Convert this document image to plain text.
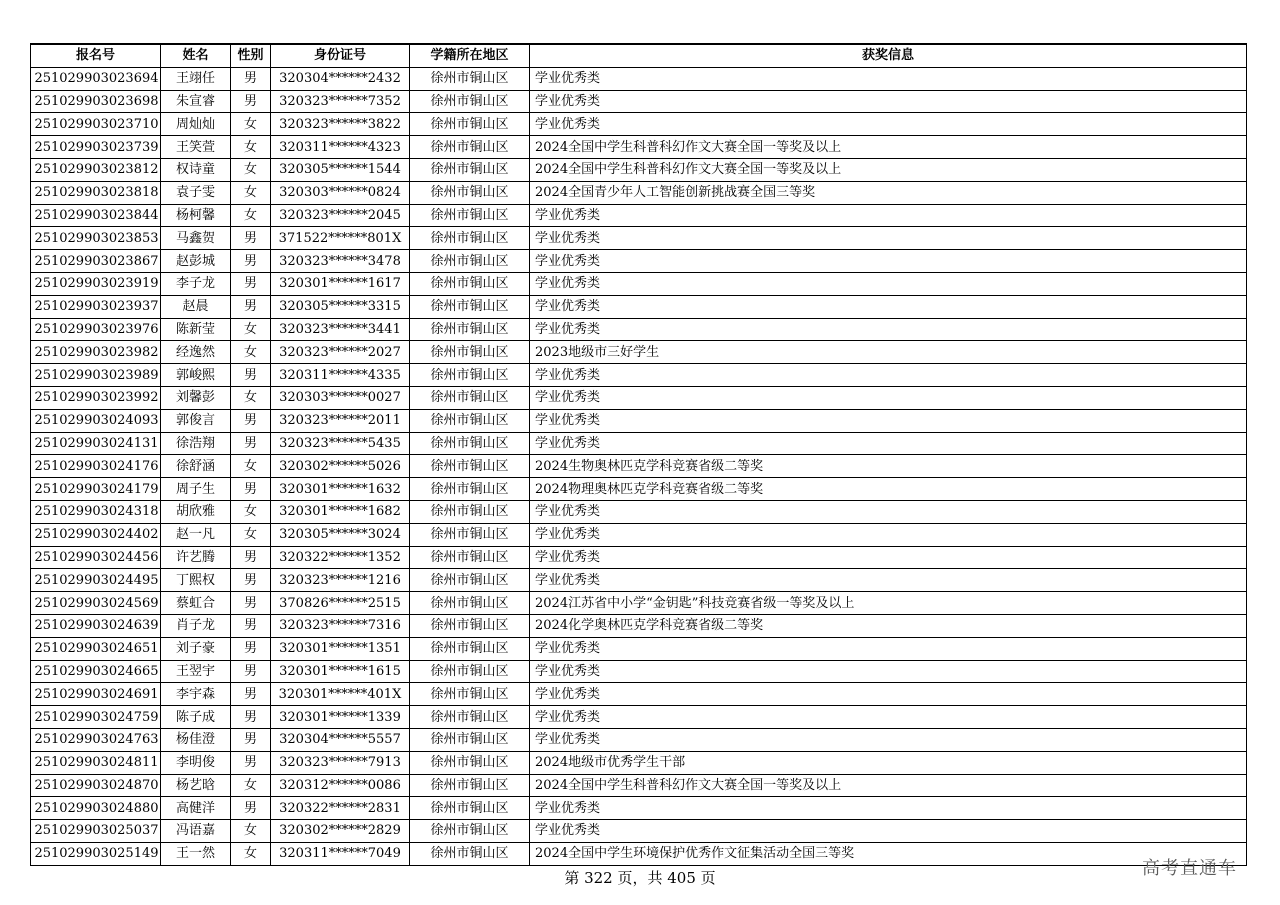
报名号	姓名	性别	身份证号	学籍所在地区	获奖信息
251029903023694	王翊任	男	320304******2432	徐州市铜山区	学业优秀类
251029903023698	朱宣睿	男	320323******7352	徐州市铜山区	学业优秀类
251029903023710	周灿灿	女	320323******3822	徐州市铜山区	学业优秀类
251029903023739	王笑萱	女	320311******4323	徐州市铜山区	2024全国中学生科普科幻作文大赛全国一等奖及以上
251029903023812	权诗童	女	320305******1544	徐州市铜山区	2024全国中学生科普科幻作文大赛全国一等奖及以上
251029903023818	袁子雯	女	320303******0824	徐州市铜山区	2024全国青少年人工智能创新挑战赛全国三等奖
251029903023844	杨柯馨	女	320323******2045	徐州市铜山区	学业优秀类
251029903023853	马鑫贺	男	371522******801X	徐州市铜山区	学业优秀类
251029903023867	赵彭城	男	320323******3478	徐州市铜山区	学业优秀类
251029903023919	李子龙	男	320301******1617	徐州市铜山区	学业优秀类
251029903023937	赵晨	男	320305******3315	徐州市铜山区	学业优秀类
251029903023976	陈新莹	女	320323******3441	徐州市铜山区	学业优秀类
251029903023982	经逸然	女	320323******2027	徐州市铜山区	2023地级市三好学生
251029903023989	郭峻熙	男	320311******4335	徐州市铜山区	学业优秀类
251029903023992	刘馨彭	女	320303******0027	徐州市铜山区	学业优秀类
251029903024093	郭俊言	男	320323******2011	徐州市铜山区	学业优秀类
251029903024131	徐浩翔	男	320323******5435	徐州市铜山区	学业优秀类
251029903024176	徐舒涵	女	320302******5026	徐州市铜山区	2024生物奥林匹克学科竞赛省级二等奖
251029903024179	周子生	男	320301******1632	徐州市铜山区	2024物理奥林匹克学科竞赛省级二等奖
251029903024318	胡欣雅	女	320301******1682	徐州市铜山区	学业优秀类
251029903024402	赵一凡	女	320305******3024	徐州市铜山区	学业优秀类
251029903024456	许艺腾	男	320322******1352	徐州市铜山区	学业优秀类
251029903024495	丁熙权	男	320323******1216	徐州市铜山区	学业优秀类
251029903024569	蔡虹合	男	370826******2515	徐州市铜山区	2024江苏省中小学“金钥匙”科技竞赛省级一等奖及以上
251029903024639	肖子龙	男	320323******7316	徐州市铜山区	2024化学奥林匹克学科竞赛省级二等奖
251029903024651	刘子豪	男	320301******1351	徐州市铜山区	学业优秀类
251029903024665	王翌宇	男	320301******1615	徐州市铜山区	学业优秀类
251029903024691	李宇森	男	320301******401X	徐州市铜山区	学业优秀类
251029903024759	陈子成	男	320301******1339	徐州市铜山区	学业优秀类
251029903024763	杨佳澄	男	320304******5557	徐州市铜山区	学业优秀类
251029903024811	李明俊	男	320323******7913	徐州市铜山区	2024地级市优秀学生干部
251029903024870	杨艺晗	女	320312******0086	徐州市铜山区	2024全国中学生科普科幻作文大赛全国一等奖及以上
251029903024880	高健洋	男	320322******2831	徐州市铜山区	学业优秀类
251029903025037	冯语嘉	女	320302******2829	徐州市铜山区	学业优秀类
251029903025149	王一然	女	320311******7049	徐州市铜山区	2024全国中学生环境保护优秀作文征集活动全国三等奖
第 322 页，共 405 页	高考直通车
